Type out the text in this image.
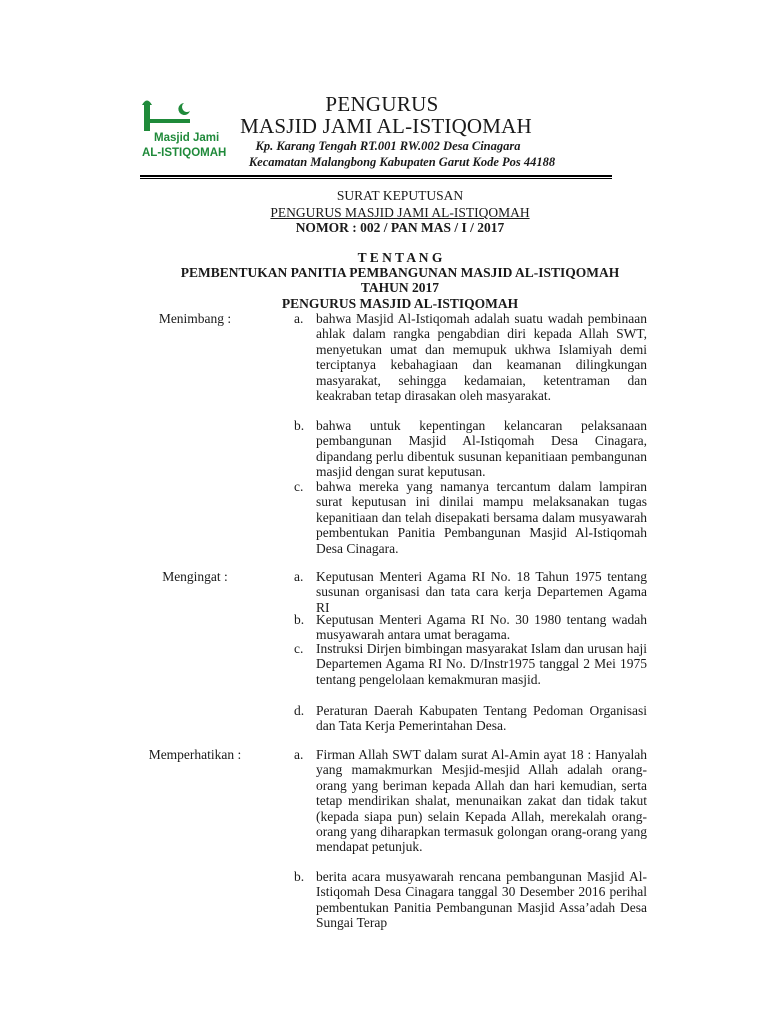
Masjid Jami
AL-ISTIQOMAH
PENGURUS
MASJID JAMI AL-ISTIQOMAH
Kp. Karang Tengah RT.001 RW.002 Desa Cinagara
Kecamatan Malangbong Kabupaten Garut Kode Pos 44188
SURAT KEPUTUSAN
PENGURUS MASJID JAMI AL-ISTIQOMAH
NOMOR : 002 / PAN MAS / I / 2017
T E N T A N G
PEMBENTUKAN PANITIA PEMBANGUNAN MASJID AL-ISTIQOMAH
TAHUN 2017
PENGURUS MASJID AL-ISTIQOMAH
Menimbang :	a. bahwa Masjid Al-Istiqomah adalah suatu wadah pembinaan ahlak dalam rangka pengabdian diri kepada Allah SWT, menyetukan umat dan memupuk ukhwa Islamiyah demi terciptanya kebahagiaan dan keamanan dilingkungan masyarakat, sehingga kedamaian, ketentraman dan keakraban tetap dirasakan oleh masyarakat.
b. bahwa untuk kepentingan kelancaran pelaksanaan pembangunan Masjid Al-Istiqomah Desa Cinagara, dipandang perlu dibentuk susunan kepanitiaan pembangunan masjid dengan surat keputusan.
c. bahwa mereka yang namanya tercantum dalam lampiran surat keputusan ini dinilai mampu melaksanakan tugas kepanitiaan dan telah disepakati bersama dalam musyawarah pembentukan Panitia Pembangunan Masjid Al-Istiqomah Desa Cinagara.
Mengingat :	a. Keputusan Menteri Agama RI No. 18 Tahun 1975 tentang susunan organisasi dan tata cara kerja Departemen Agama RI
b. Keputusan Menteri Agama RI No. 30 1980 tentang wadah musyawarah antara umat beragama.
c. Instruksi Dirjen bimbingan masyarakat Islam dan urusan haji Departemen Agama RI No. D/Instr1975 tanggal 2 Mei 1975 tentang pengelolaan kemakmuran masjid.
d. Peraturan Daerah Kabupaten Tentang Pedoman Organisasi dan Tata Kerja Pemerintahan Desa.
Memperhatikan :	a. Firman Allah SWT dalam surat Al-Amin ayat 18 : Hanyalah yang mamakmurkan Mesjid-mesjid Allah adalah orang-orang yang beriman kepada Allah dan hari kemudian, serta tetap mendirikan shalat, menunaikan zakat dan tidak takut (kepada siapa pun) selain Kepada Allah, merekalah orang-orang yang diharapkan termasuk golongan orang-orang yang mendapat petunjuk.
b. berita acara musyawarah rencana pembangunan Masjid Al-Istiqomah Desa Cinagara tanggal 30 Desember 2016 perihal pembentukan Panitia Pembangunan Masjid Assa’adah Desa Sungai Terap
